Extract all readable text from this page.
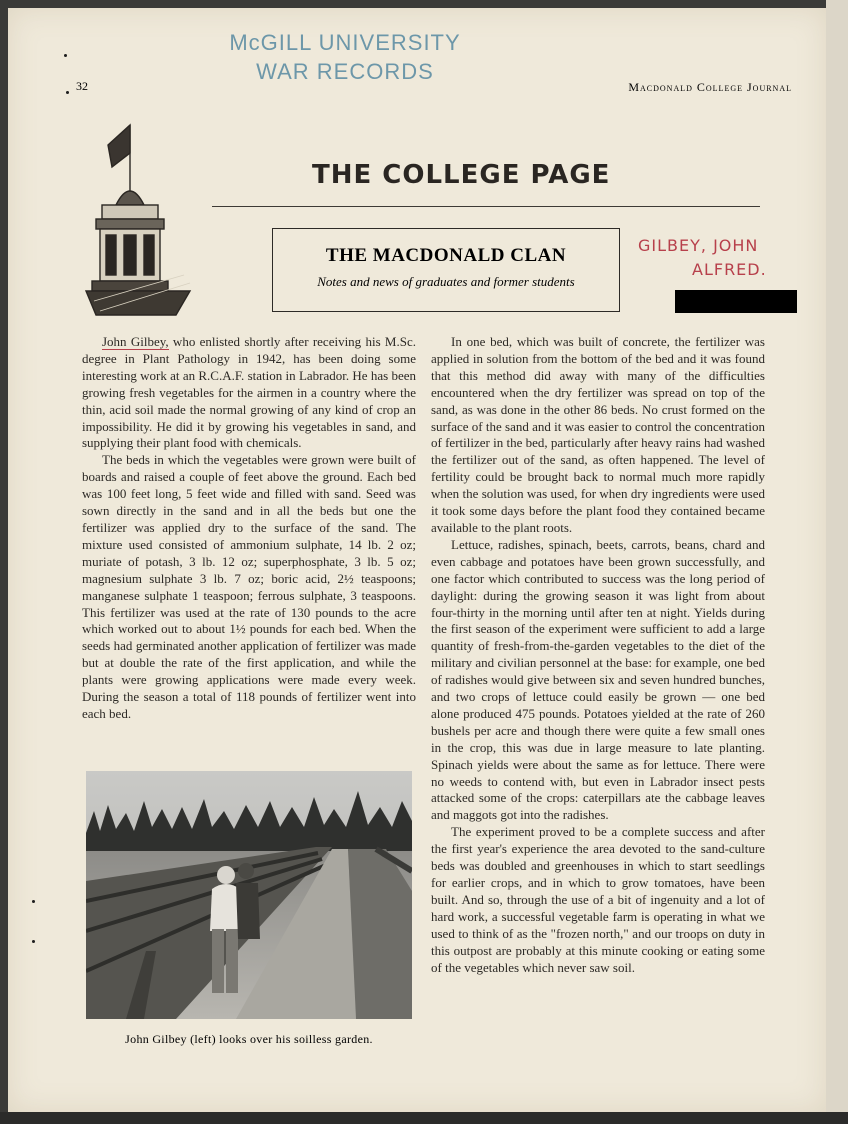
McGILL UNIVERSITY
WAR RECORDS
32	Macdonald College Journal
THE COLLEGE PAGE
THE MACDONALD CLAN
Notes and news of graduates and former students
GILBEY, JOHN
ALFRED.

John Gilbey, who enlisted shortly after receiving his M.Sc. degree in Plant Pathology in 1942, has been doing some interesting work at an R.C.A.F. station in Labrador. He has been growing fresh vegetables for the airmen in a country where the thin, acid soil made the normal growing of any kind of crop an impossibility. He did it by growing his vegetables in sand, and supplying their plant food with chemicals.

The beds in which the vegetables were grown were built of boards and raised a couple of feet above the ground. Each bed was 100 feet long, 5 feet wide and filled with sand. Seed was sown directly in the sand and in all the beds but one the fertilizer was applied dry to the surface of the sand. The mixture used consisted of ammonium sulphate, 14 lb. 2 oz; muriate of potash, 3 lb. 12 oz; superphosphate, 3 lb. 5 oz; magnesium sulphate 3 lb. 7 oz; boric acid, 2½ teaspoons; manganese sulphate 1 teaspoon; ferrous sulphate, 3 teaspoons. This fertilizer was used at the rate of 130 pounds to the acre which worked out to about 1½ pounds for each bed. When the seeds had germinated another application of fertilizer was made but at double the rate of the first application, and while the plants were growing applications were made every week. During the season a total of 118 pounds of fertilizer went into each bed.

In one bed, which was built of concrete, the fertilizer was applied in solution from the bottom of the bed and it was found that this method did away with many of the difficulties encountered when the dry fertilizer was spread on top of the sand, as was done in the other 86 beds. No crust formed on the surface of the sand and it was easier to control the concentration of fertilizer in the bed, particularly after heavy rains had washed the fertilizer out of the sand, as often happened. The level of fertility could be brought back to normal much more rapidly when the solution was used, for when dry ingredients were used it took some days before the plant food they contained became available to the plant roots.

Lettuce, radishes, spinach, beets, carrots, beans, chard and even cabbage and potatoes have been grown successfully, and one factor which contributed to success was the long period of daylight: during the growing season it was light from about four-thirty in the morning until after ten at night. Yields during the first season of the experiment were sufficient to add a large quantity of fresh-from-the-garden vegetables to the diet of the military and civilian personnel at the base: for example, one bed of radishes would give between six and seven hundred bunches, and two crops of lettuce could easily be grown — one bed alone produced 475 pounds. Potatoes yielded at the rate of 260 bushels per acre and though there were quite a few small ones in the crop, this was due in large measure to late planting. Spinach yields were about the same as for lettuce. There were no weeds to contend with, but even in Labrador insect pests attacked some of the crops: caterpillars ate the cabbage leaves and maggots got into the radishes.

The experiment proved to be a complete success and after the first year's experience the area devoted to the sand-culture beds was doubled and greenhouses in which to start seedlings for earlier crops, and in which to grow tomatoes, have been built. And so, through the use of a bit of ingenuity and a lot of hard work, a successful vegetable farm is operating in what we used to think of as the "frozen north," and our troops on duty in this outpost are probably at this minute cooking or eating some of the vegetables which never saw soil.

John Gilbey (left) looks over his soilless garden.
